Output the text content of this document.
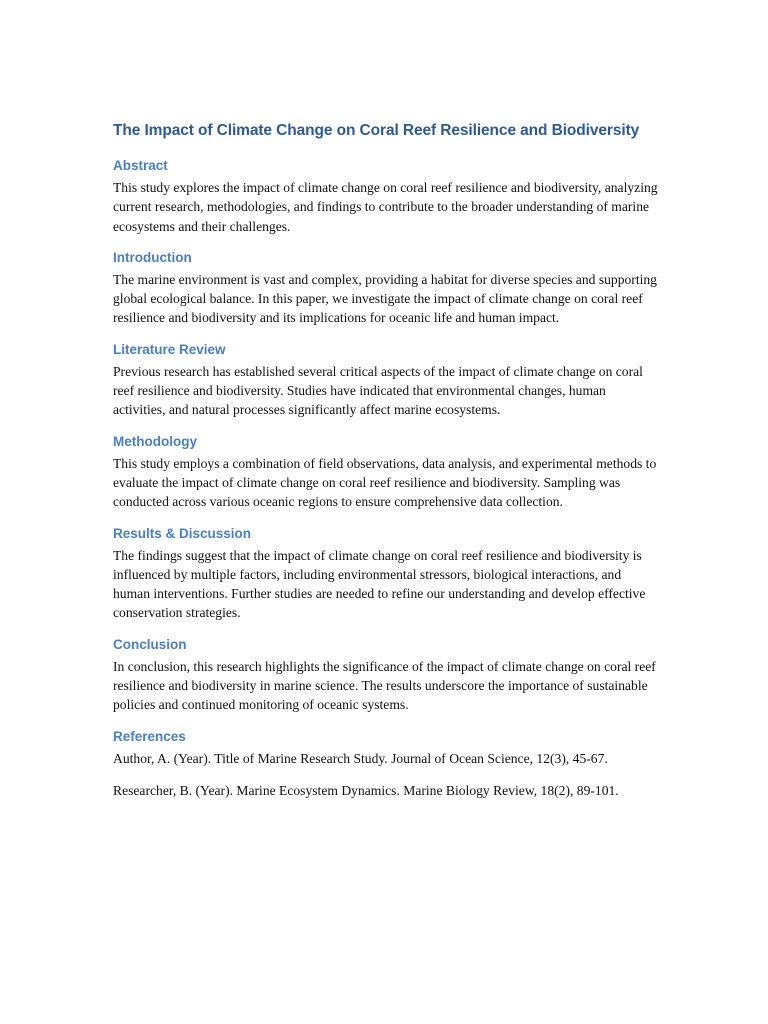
The Impact of Climate Change on Coral Reef Resilience and Biodiversity
Abstract

This study explores the impact of climate change on coral reef resilience and biodiversity, analyzing current research, methodologies, and findings to contribute to the broader understanding of marine ecosystems and their challenges.

Introduction

The marine environment is vast and complex, providing a habitat for diverse species and supporting global ecological balance. In this paper, we investigate the impact of climate change on coral reef resilience and biodiversity and its implications for oceanic life and human impact.

Literature Review

Previous research has established several critical aspects of the impact of climate change on coral reef resilience and biodiversity. Studies have indicated that environmental changes, human activities, and natural processes significantly affect marine ecosystems.

Methodology

This study employs a combination of field observations, data analysis, and experimental methods to evaluate the impact of climate change on coral reef resilience and biodiversity. Sampling was conducted across various oceanic regions to ensure comprehensive data collection.

Results & Discussion

The findings suggest that the impact of climate change on coral reef resilience and biodiversity is influenced by multiple factors, including environmental stressors, biological interactions, and human interventions. Further studies are needed to refine our understanding and develop effective conservation strategies.

Conclusion

In conclusion, this research highlights the significance of the impact of climate change on coral reef resilience and biodiversity in marine science. The results underscore the importance of sustainable policies and continued monitoring of oceanic systems.

References

Author, A. (Year). Title of Marine Research Study. Journal of Ocean Science, 12(3), 45-67.

Researcher, B. (Year). Marine Ecosystem Dynamics. Marine Biology Review, 18(2), 89-101.
